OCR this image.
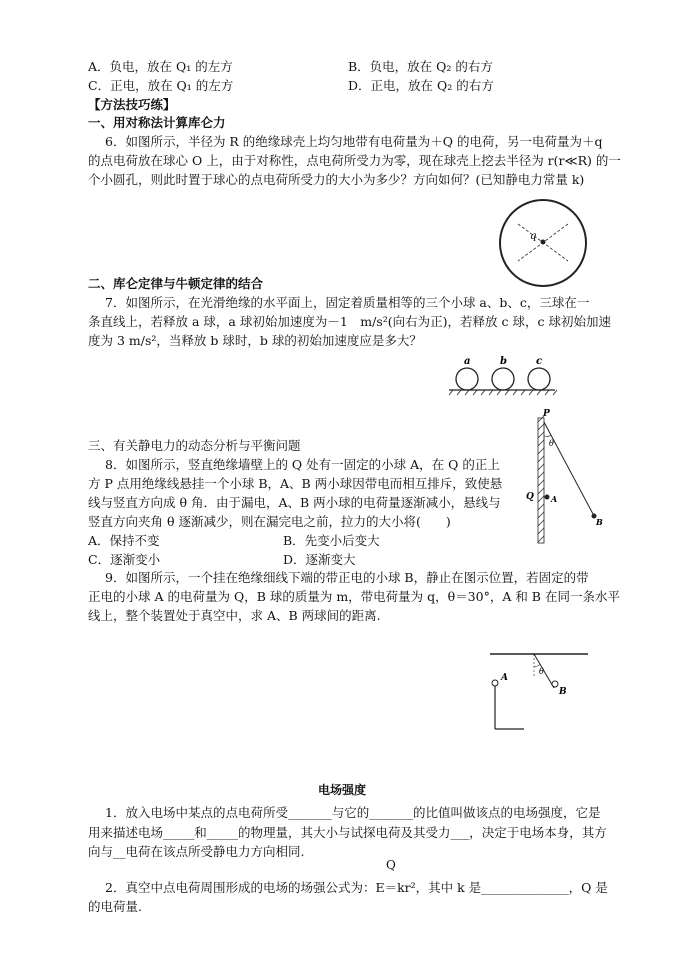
A．负电，放在 Q₁ 的左方	B．负电，放在 Q₂ 的右方
C．正电，放在 Q₁ 的左方	D．正电，放在 Q₂ 的右方
【方法技巧练】
一、用对称法计算库仑力
6．如图所示，半径为 R 的绝缘球壳上均匀地带有电荷量为＋Q 的电荷，另一电荷量为＋q
的点电荷放在球心 O 上，由于对称性，点电荷所受力为零，现在球壳上挖去半径为 r(r≪R) 的一
个小圆孔，则此时置于球心的点电荷所受力的大小为多少？方向如何？(已知静电力常量 k)
q
二、库仑定律与牛顿定律的结合
7．如图所示，在光滑绝缘的水平面上，固定着质量相等的三个小球 a、b、c，三球在一
条直线上，若释放 a 球，a 球初始加速度为－1　m/s²(向右为正)，若释放 c 球，c 球初始加速
度为 3 m/s²，当释放 b 球时，b 球的初始加速度应是多大？
a	b	c
P
θ
Q A
B
三、有关静电力的动态分析与平衡问题
8．如图所示，竖直绝缘墙壁上的 Q 处有一固定的小球 A，在 Q 的正上
方 P 点用绝缘线悬挂一个小球 B，A、B 两小球因带电而相互排斥，致使悬
线与竖直方向成 θ 角．由于漏电，A、B 两小球的电荷量逐渐减小，悬线与
竖直方向夹角 θ 逐渐减少，则在漏完电之前，拉力的大小将(　　)
A．保持不变	B．先变小后变大
C．逐渐变小	D．逐渐变大
9．如图所示，一个挂在绝缘细线下端的带正电的小球 B，静止在图示位置，若固定的带
正电的小球 A 的电荷量为 Q，B 球的质量为 m，带电荷量为 q，θ＝30°，A 和 B 在同一条水平
线上，整个装置处于真空中，求 A、B 两球间的距离.
θ
A
B
电场强度
1．放入电场中某点的点电荷所受_______与它的_______的比值叫做该点的电场强度，它是
用来描述电场_____和_____的物理量，其大小与试探电荷及其受力___，决定于电场本身，其方
向与__电荷在该点所受静电力方向相同.
Q
2．真空中点电荷周围形成的电场的场强公式为：E＝kr²，其中 k 是______________，Q 是
的电荷量.
